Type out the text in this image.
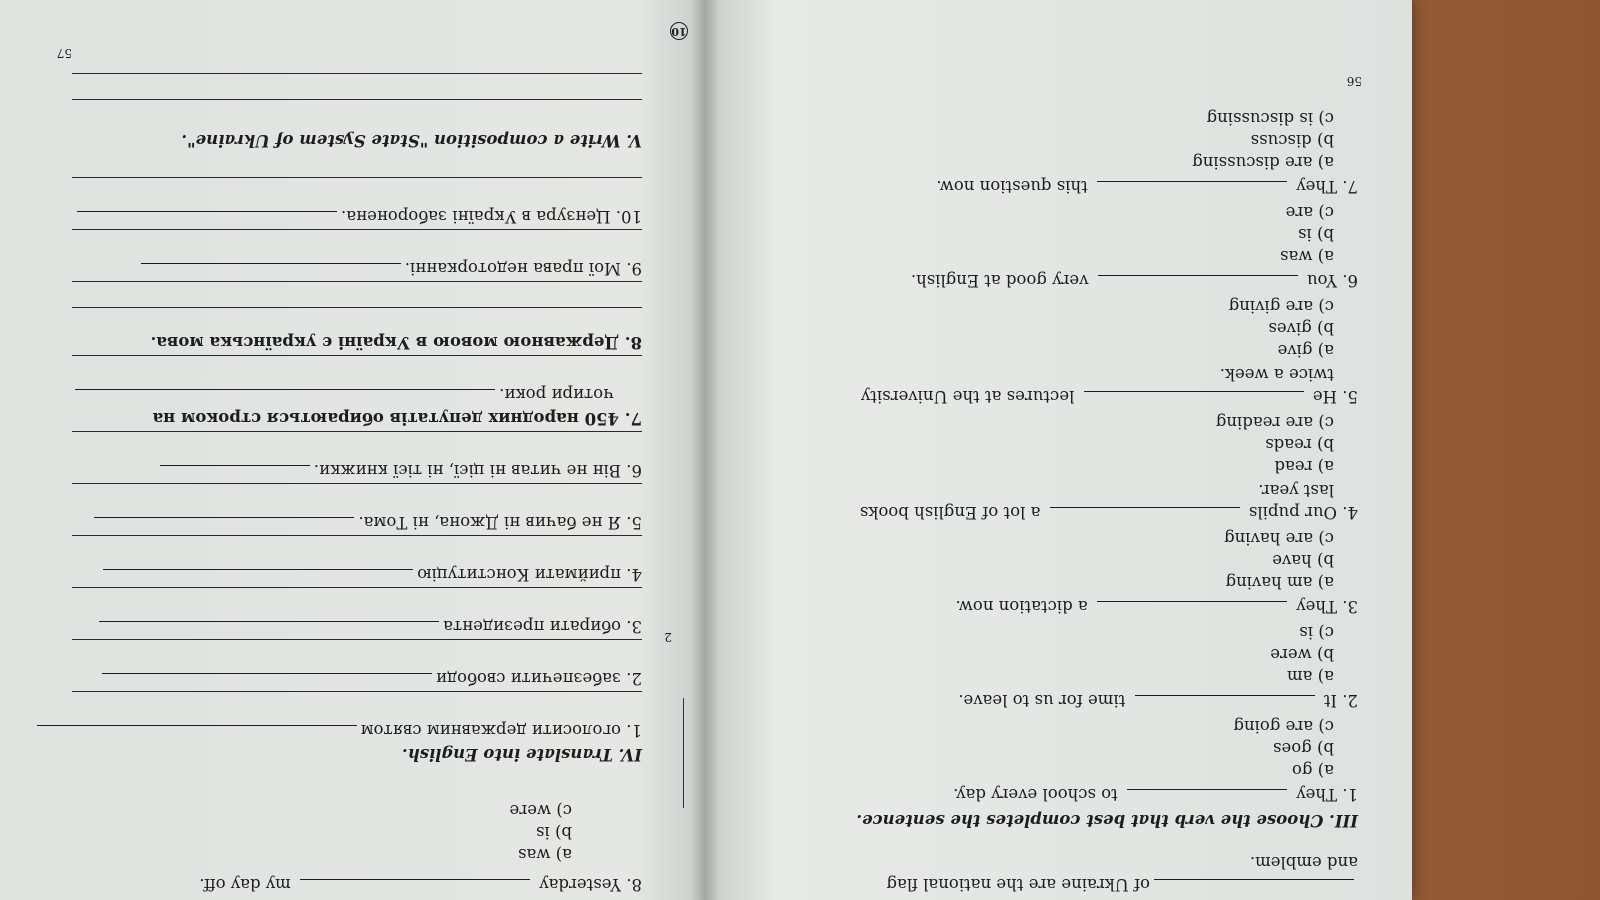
of Ukraine are the national flag
and emblem.
III. Choose the verb that best completes the sentence.
1. They  to school every day.
a) go
b) goes
c) are going
2. It  time for us to leave.
a) am
b) were
c) is
3. They  a dictation now.
a) am having
b) have
c) are having
4. Our pupils  a lot of English books
last year.
a) read
b) reads
c) are reading
5. He  lectures at the University
twice a week.
a) give
b) gives
c) are giving
6. You  very good at English.
a) was
b) is
c) are
7. They  this question now.
a) are discussing
b) discuss
c) is discussing
56
2
10
8. Yesterday  my day off.
a) was
b) is
c) were
IV. Translate into English.
1. оголосити державним святом
2. забезпечити свободи
3. обирати президента
4. приймати Конституцію
5. Я не бачив ні Джона, ні Тома.
6. Він не читав ні цієї, ні тієї книжки.
7. 450 народних депутатів обираються строком на
чотири роки.
8. Державною мовою в Україні є українська мова.
9. Мої права недоторканні.
10. Цензура в Україні заборонена.
V. Write a composition "State System of Ukraine".
57
